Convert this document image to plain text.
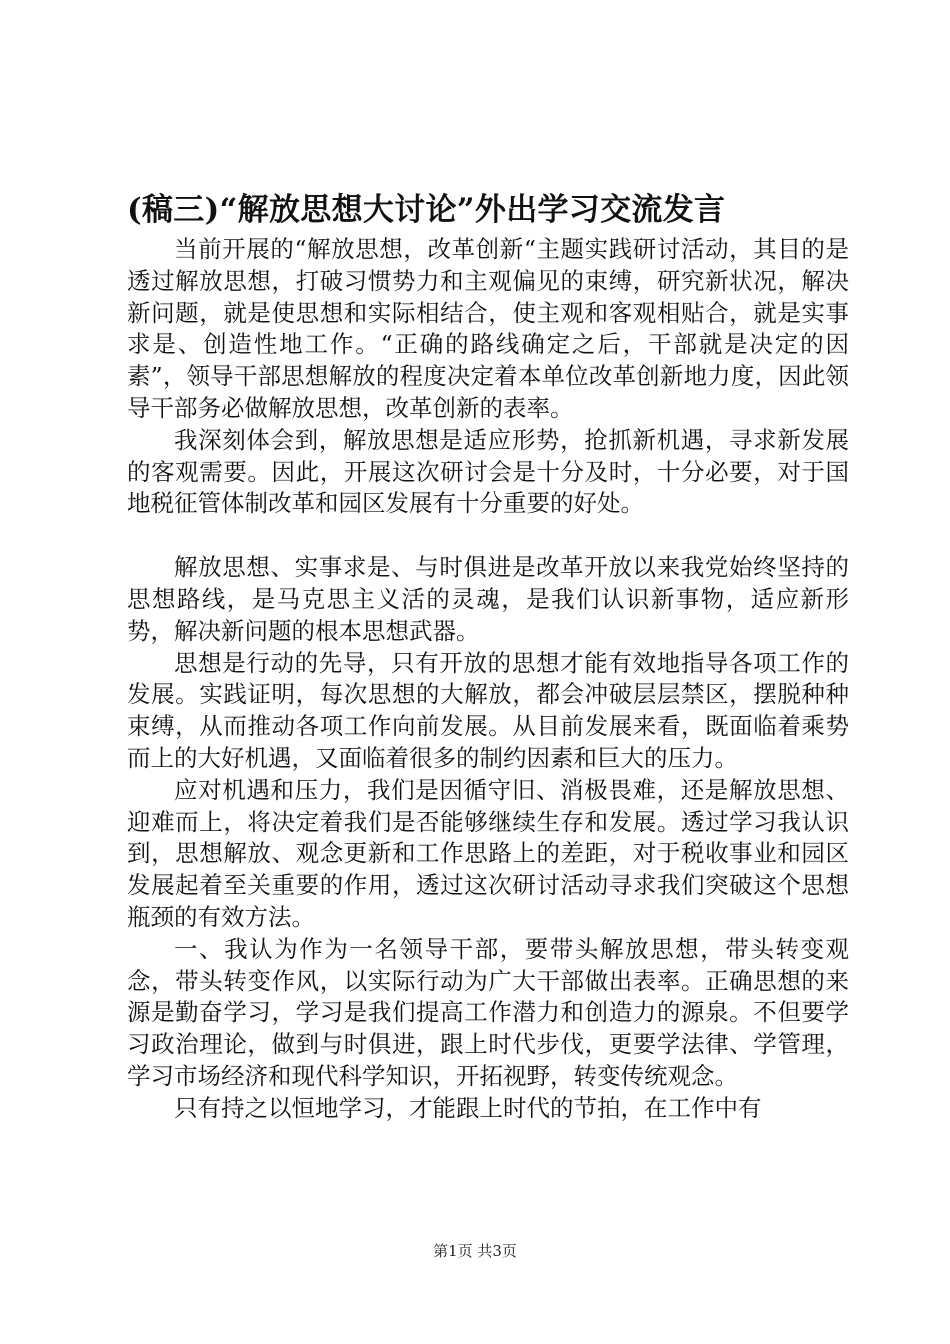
(稿三)“解放思想大讨论”外出学习交流发言

当前开展的“解放思想，改革创新“主题实践研讨活动，其目的是透过解放思想，打破习惯势力和主观偏见的束缚，研究新状况，解决新问题，就是使思想和实际相结合，使主观和客观相贴合，就是实事求是、创造性地工作。“正确的路线确定之后，干部就是决定的因素”，领导干部思想解放的程度决定着本单位改革创新地力度，因此领导干部务必做解放思想，改革创新的表率。

我深刻体会到，解放思想是适应形势，抢抓新机遇，寻求新发展的客观需要。因此，开展这次研讨会是十分及时，十分必要，对于国地税征管体制改革和园区发展有十分重要的好处。

解放思想、实事求是、与时俱进是改革开放以来我党始终坚持的思想路线，是马克思主义活的灵魂，是我们认识新事物，适应新形势，解决新问题的根本思想武器。

思想是行动的先导，只有开放的思想才能有效地指导各项工作的发展。实践证明，每次思想的大解放，都会冲破层层禁区，摆脱种种束缚，从而推动各项工作向前发展。从目前发展来看，既面临着乘势而上的大好机遇，又面临着很多的制约因素和巨大的压力。

应对机遇和压力，我们是因循守旧、消极畏难，还是解放思想、迎难而上，将决定着我们是否能够继续生存和发展。透过学习我认识到，思想解放、观念更新和工作思路上的差距，对于税收事业和园区发展起着至关重要的作用，透过这次研讨活动寻求我们突破这个思想瓶颈的有效方法。

一、我认为作为一名领导干部，要带头解放思想，带头转变观念，带头转变作风，以实际行动为广大干部做出表率。正确思想的来源是勤奋学习，学习是我们提高工作潜力和创造力的源泉。不但要学习政治理论，做到与时俱进，跟上时代步伐，更要学法律、学管理，学习市场经济和现代科学知识，开拓视野，转变传统观念。

只有持之以恒地学习，才能跟上时代的节拍，在工作中有

第1页 共3页
